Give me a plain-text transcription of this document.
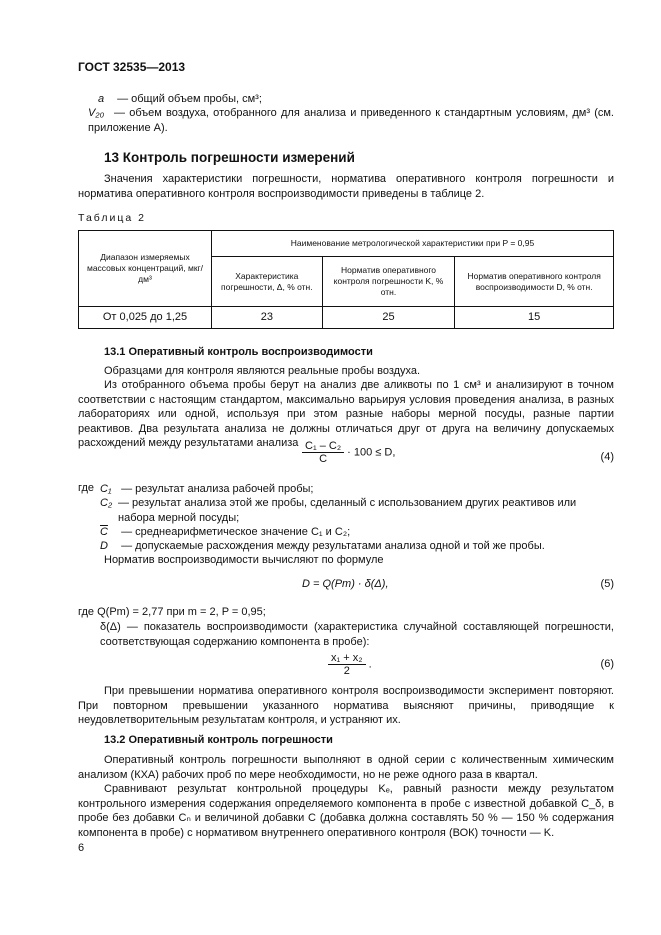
ГОСТ 32535—2013
a — общий объем пробы, см³;
V₂₀ — объем воздуха, отобранного для анализа и приведенного к стандартным условиям, дм³ (см. приложение А).
13 Контроль погрешности измерений
Значения характеристики погрешности, норматива оперативного контроля погрешности и норматива оперативного контроля воспроизводимости приведены в таблице 2.
Таблица 2
Диапазон измеряемых массовых концентраций, мкг/дм³	Наименование метрологической характеристики при P = 0,95		
	Характеристика погрешности, Δ, % отн.	Норматив оперативного контроля погрешности K, % отн.	Норматив оперативного контроля воспроизводимости D, % отн.
От 0,025 до 1,25	23	25	15
13.1 Оперативный контроль воспроизводимости
Образцами для контроля являются реальные пробы воздуха.
Из отобранного объема пробы берут на анализ две аликвоты по 1 см³ и анализируют в точном соответствии с настоящим стандартом, максимально варьируя условия проведения анализа, в разных лабораториях или одной, используя при этом разные наборы мерной посуды, разные партии реактивов. Два результата анализа не должны отличаться друг от друга на величину допускаемых расхождений между результатами анализа $\frac{\text{C₁ – C₂}}{C} \cdot 100 \le D$,	(4)
где C₁ — результат анализа рабочей пробы;
C₂ — результат анализа этой же пробы, сделанный с использованием других реактивов или набора мерной посуды;
$\overline{C}$ — среднеарифметическое значение C₁ и C₂;
D — допускаемые расхождения между результатами анализа одной и той же пробы.
Норматив воспроизводимости вычисляют по формуле
D = Q(Pm) · δ(Δ),	(5)
где Q(Pm) = 2,77 при m = 2, P = 0,95;
δ(Δ) — показатель воспроизводимости (характеристика случайной составляющей погрешности, соответствующая содержанию компонента в пробе):
$\frac{\text{x₁ + x₂}}{2}$ .	(6)
При превышении норматива оперативного контроля воспроизводимости эксперимент повторяют. При повторном превышении указанного норматива выясняют причины, приводящие к неудовлетворительным результатам контроля, и устраняют их.
13.2 Оперативный контроль погрешности
Оперативный контроль погрешности выполняют в одной серии с количественным химическим анализом (КХА) рабочих проб по мере необходимости, но не реже одного раза в квартал.
Сравнивают результат контрольной процедуры Kₑ, равный разности между результатом контрольного измерения содержания определяемого компонента в пробе с известной добавкой C_δ, в пробе без добавки Cₙ и величиной добавки C (добавка должна составлять 50 % — 150 % содержания компонента в пробе) с нормативом внутреннего оперативного контроля (ВОК) точности — K.
6
